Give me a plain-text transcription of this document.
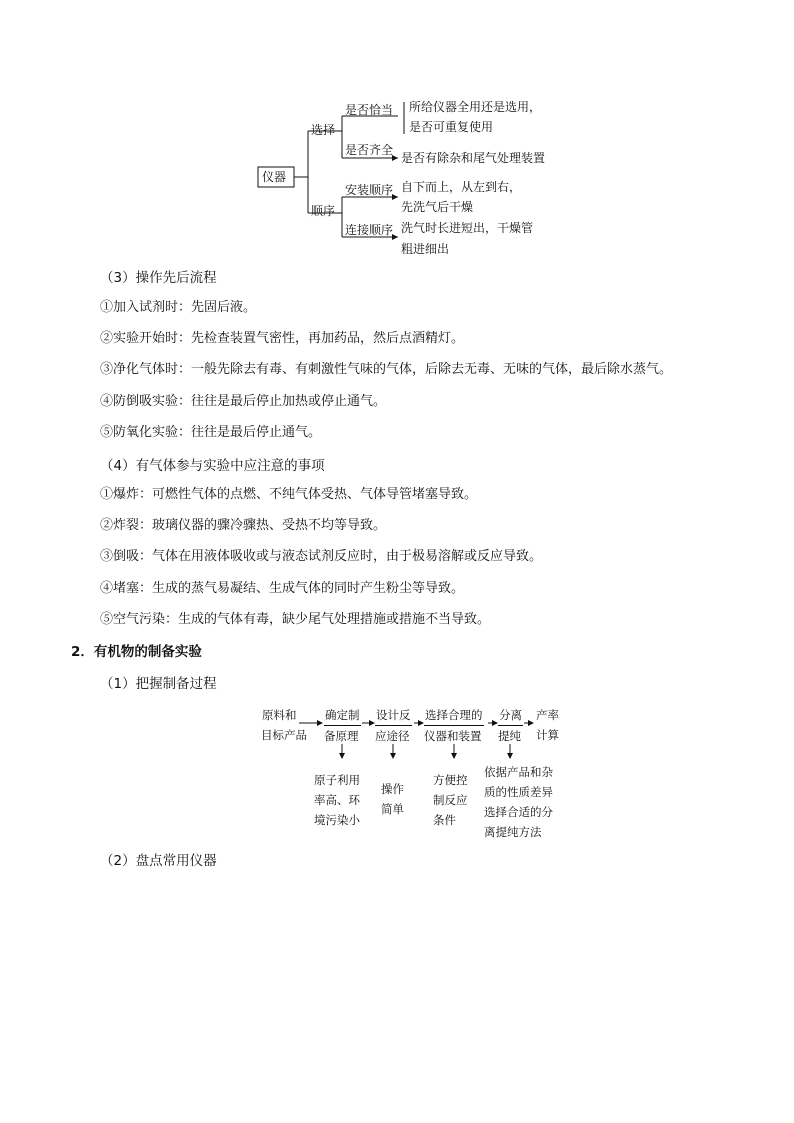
仪器
选择
顺序
是否恰当
是否齐全
安装顺序
连接顺序
所给仪器全用还是选用，
是否可重复使用
是否有除杂和尾气处理装置
自下而上，从左到右，
先洗气后干燥
洗气时长进短出，干燥管
粗进细出
（3）操作先后流程
①加入试剂时：先固后液。
②实验开始时：先检查装置气密性，再加药品，然后点酒精灯。
③净化气体时：一般先除去有毒、有刺激性气味的气体，后除去无毒、无味的气体，最后除水蒸气。
④防倒吸实验：往往是最后停止加热或停止通气。
⑤防氧化实验：往往是最后停止通气。
（4）有气体参与实验中应注意的事项
①爆炸：可燃性气体的点燃、不纯气体受热、气体导管堵塞导致。
②炸裂：玻璃仪器的骤冷骤热、受热不均等导致。
③倒吸：气体在用液体吸收或与液态试剂反应时，由于极易溶解或反应导致。
④堵塞：生成的蒸气易凝结、生成气体的同时产生粉尘等导致。
⑤空气污染：生成的气体有毒，缺少尾气处理措施或措施不当导致。
2．有机物的制备实验
（1）把握制备过程
原料和
目标产品
确定制
备原理
设计反
应途径
选择合理的
仪器和装置
分离
提纯
产率
计算
原子利用
率高、环
境污染小
操作
简单
方便控
制反应
条件
依据产品和杂
质的性质差异
选择合适的分
离提纯方法
（2）盘点常用仪器
